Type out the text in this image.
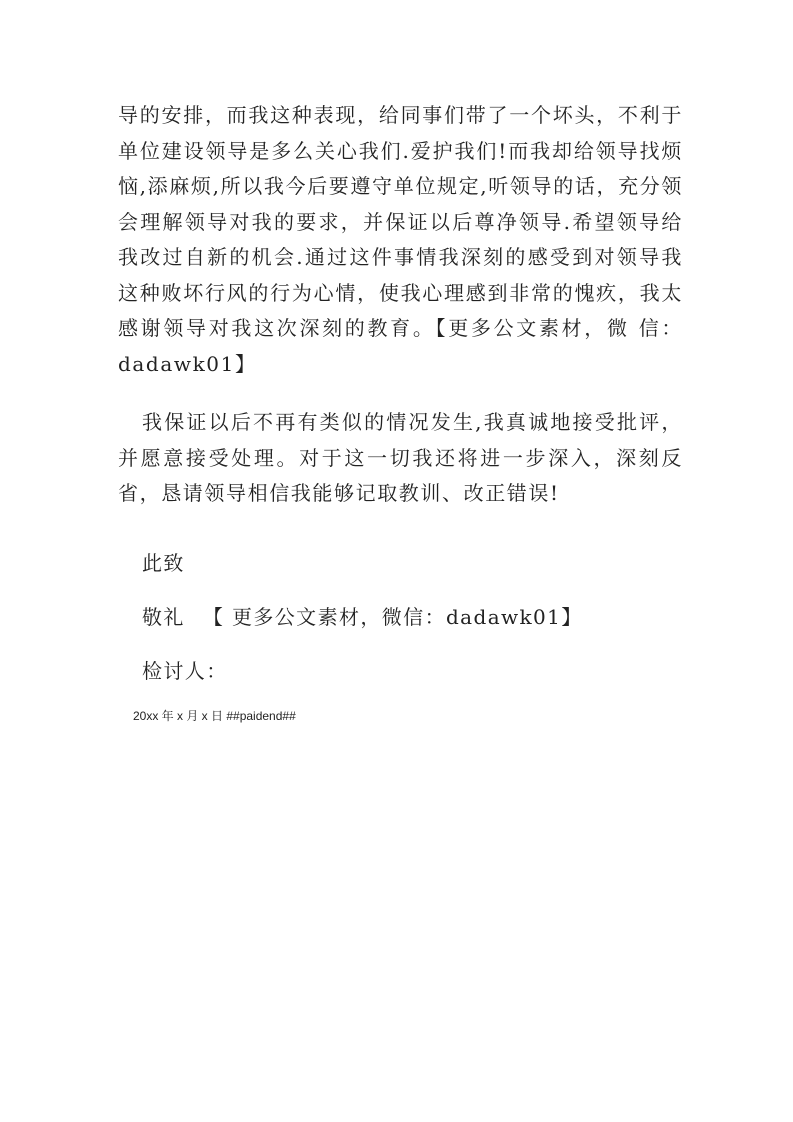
导的安排，而我这种表现，给同事们带了一个坏头，不利于单位建设领导是多么关心我们.爱护我们!而我却给领导找烦恼,添麻烦,所以我今后要遵守单位规定,听领导的话，充分领会理解领导对我的要求，并保证以后尊净领导.希望领导给我改过自新的机会.通过这件事情我深刻的感受到对领导我这种败坏行风的行为心情，使我心理感到非常的愧疚，我太感谢领导对我这次深刻的教育。【更多公文素材，微 信：dadawk01】

我保证以后不再有类似的情况发生,我真诚地接受批评，并愿意接受处理。对于这一切我还将进一步深入，深刻反省，恳请领导相信我能够记取教训、改正错误!

此致

敬礼 【 更多公文素材，微信：dadawk01】

检讨人：

20xx 年 x 月 x 日 ##paidend##
